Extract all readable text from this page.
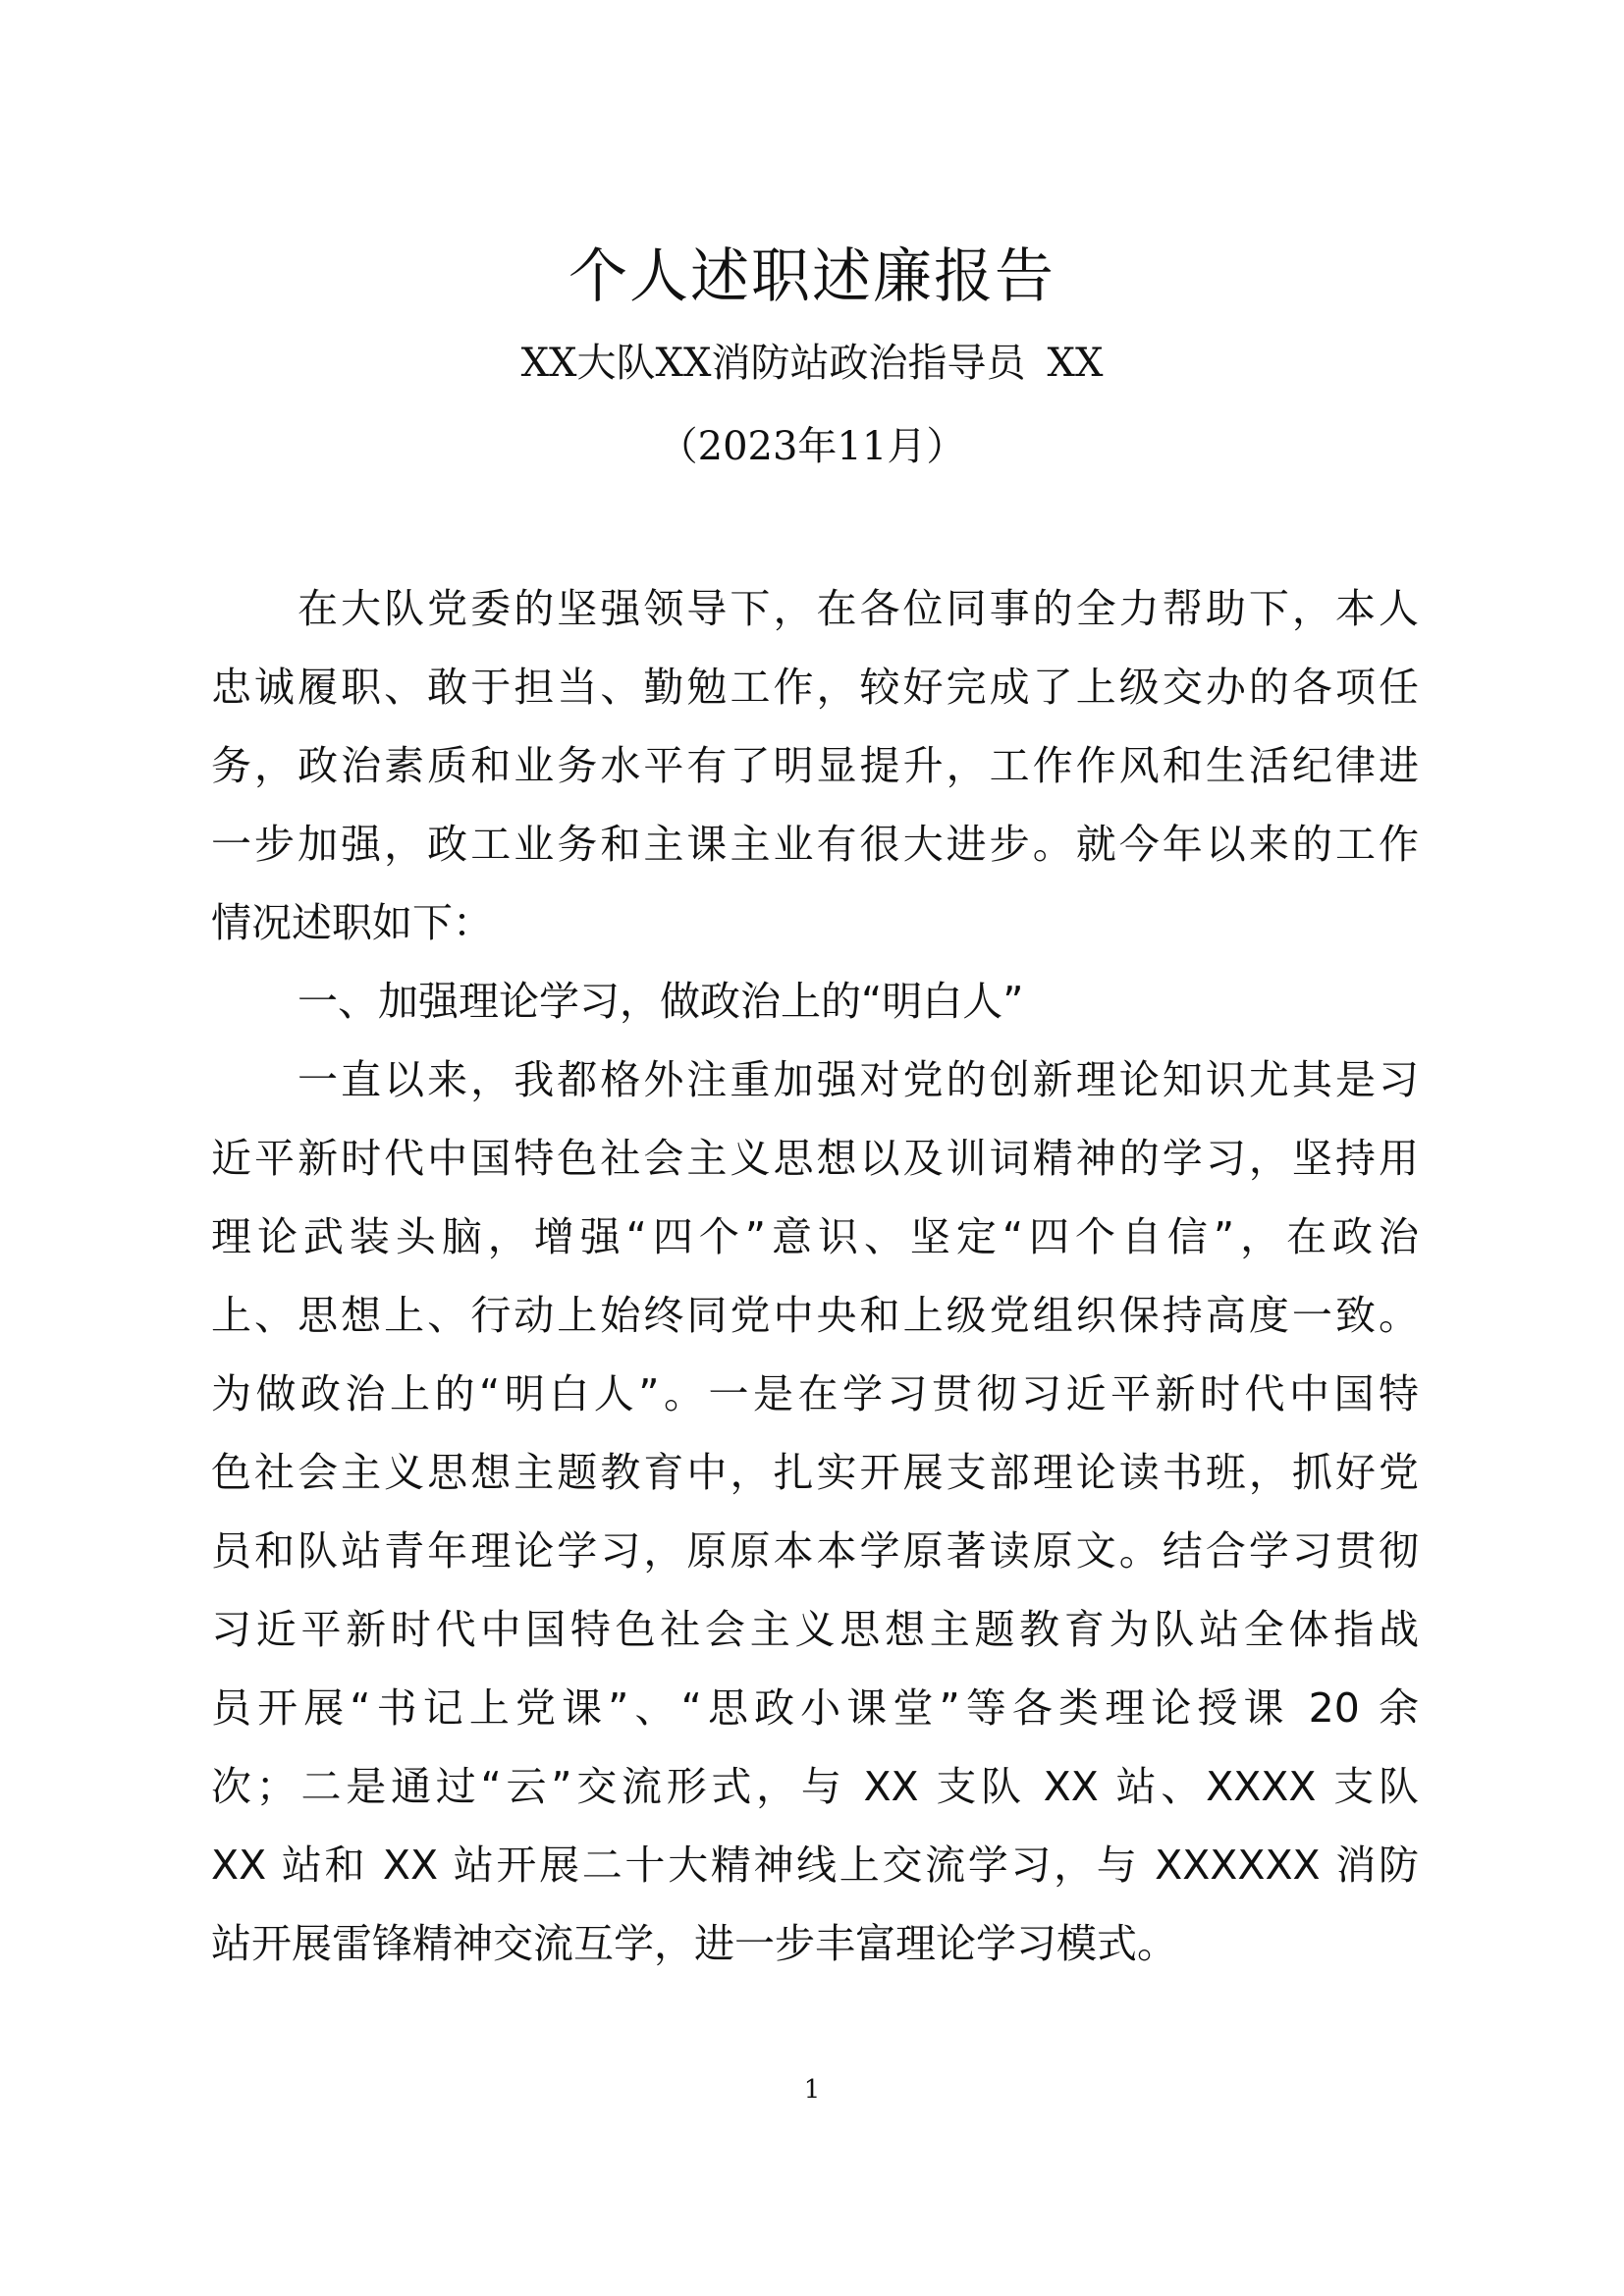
个人述职述廉报告
XX大队XX消防站政治指导员 XX
（2023年11月）
在大队党委的坚强领导下，在各位同事的全力帮助下，本人
忠诚履职、敢于担当、勤勉工作，较好完成了上级交办的各项任
务，政治素质和业务水平有了明显提升，工作作风和生活纪律进
一步加强，政工业务和主课主业有很大进步。就今年以来的工作
情况述职如下：
一、加强理论学习，做政治上的“明白人”
一直以来，我都格外注重加强对党的创新理论知识尤其是习
近平新时代中国特色社会主义思想以及训词精神的学习，坚持用
理论武装头脑，增强“四个”意识、坚定“四个自信”，在政治
上、思想上、行动上始终同党中央和上级党组织保持高度一致。
为做政治上的“明白人”。一是在学习贯彻习近平新时代中国特
色社会主义思想主题教育中，扎实开展支部理论读书班，抓好党
员和队站青年理论学习，原原本本学原著读原文。结合学习贯彻
习近平新时代中国特色社会主义思想主题教育为队站全体指战
员开展“书记上党课”、“思政小课堂”等各类理论授课 20 余
次；二是通过“云”交流形式，与 XX 支队 XX 站、XXXX 支队
XX 站和 XX 站开展二十大精神线上交流学习，与 XXXXXX 消防
站开展雷锋精神交流互学，进一步丰富理论学习模式。
1
